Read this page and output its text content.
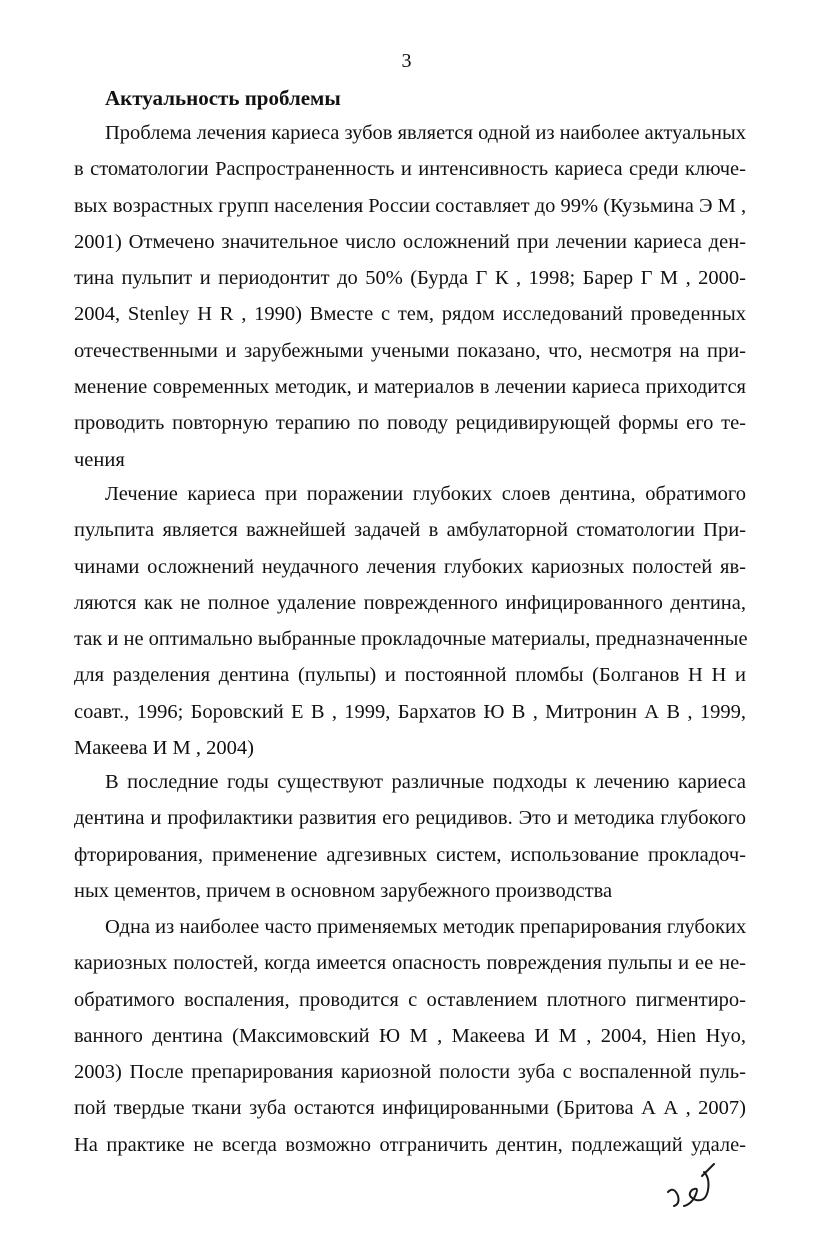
3
Актуальность проблемы
Проблема лечения кариеса зубов является одной из наиболее актуальных
в стоматологии Распространенность и интенсивность кариеса среди ключе-
вых возрастных групп населения России составляет до 99% (Кузьмина Э М ,
2001) Отмечено значительное число осложнений при лечении кариеса ден-
тина пульпит и периодонтит до 50% (Бурда Г К , 1998; Барер Г М , 2000-
2004, Stenley H R , 1990) Вместе с тем, рядом исследований проведенных
отечественными и зарубежными учеными показано, что, несмотря на при-
менение современных методик, и материалов в лечении кариеса приходится
проводить повторную терапию по поводу рецидивирующей формы его те-
чения
Лечение кариеса при поражении глубоких слоев дентина, обратимого
пульпита является важнейшей задачей в амбулаторной стоматологии При-
чинами осложнений неудачного лечения глубоких кариозных полостей яв-
ляются как не полное удаление поврежденного инфицированного дентина,
так и не оптимально выбранные прокладочные материалы, предназначенные
для разделения дентина (пульпы) и постоянной пломбы (Болганов Н Н и
соавт., 1996; Боровский Е В , 1999, Бархатов Ю В , Митронин А В , 1999,
Макеева И М , 2004)
В последние годы существуют различные подходы к лечению кариеса
дентина и профилактики развития его рецидивов. Это и методика глубокого
фторирования, применение адгезивных систем, использование прокладоч-
ных цементов, причем в основном зарубежного производства
Одна из наиболее часто применяемых методик препарирования глубоких
кариозных полостей, когда имеется опасность повреждения пульпы и ее не-
обратимого воспаления, проводится с оставлением плотного пигментиро-
ванного дентина (Максимовский Ю М , Макеева И М , 2004, Hien Hyo,
2003) После препарирования кариозной полости зуба с воспаленной пуль-
пой твердые ткани зуба остаются инфицированными (Бритова А А , 2007)
На практике не всегда возможно отграничить дентин, подлежащий удале-
